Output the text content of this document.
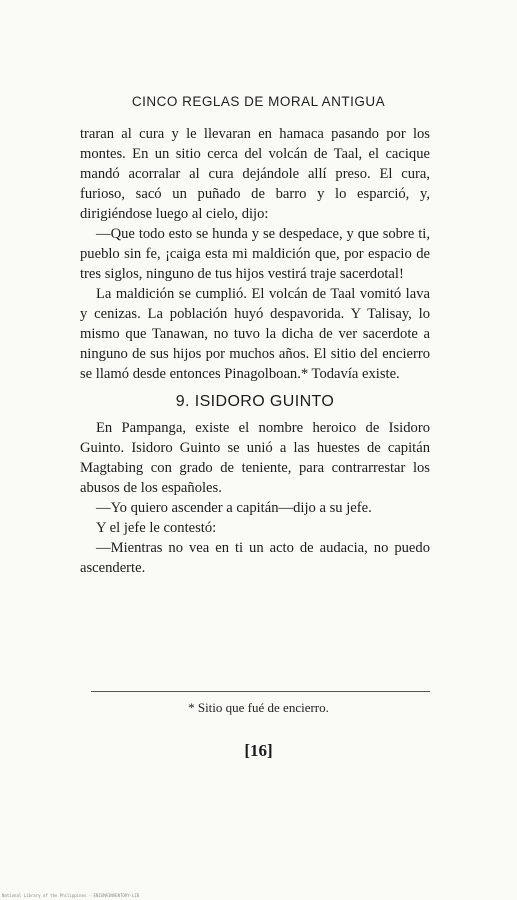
CINCO REGLAS DE MORAL ANTIGUA

traran al cura y le llevaran en hamaca pasando por los montes. En un sitio cerca del volcán de Taal, el cacique mandó acorralar al cura dejándole allí preso. El cura, furioso, sacó un puñado de barro y lo esparció, y, dirigiéndose luego al cielo, dijo:

—Que todo esto se hunda y se despedace, y que sobre ti, pueblo sin fe, ¡caiga esta mi maldición que, por espacio de tres siglos, ninguno de tus hijos vestirá traje sacerdotal!

La maldición se cumplió. El volcán de Taal vomitó lava y cenizas. La población huyó despavorida. Y Talisay, lo mismo que Tanawan, no tuvo la dicha de ver sacerdote a ninguno de sus hijos por muchos años. El sitio del encierro se llamó desde entonces Pinagolboan.* Todavía existe.

9. ISIDORO GUINTO

En Pampanga, existe el nombre heroico de Isidoro Guinto. Isidoro Guinto se unió a las huestes de capitán Magtabing con grado de teniente, para contrarrestar los abusos de los españoles.

—Yo quiero ascender a capitán—dijo a su jefe.

Y el jefe le contestó:

—Mientras no vea en ti un acto de audacia, no puedo ascenderte.

* Sitio que fué de encierro.
[16]
National Library of the Philippines · ENIGMAINVENTORY·LIB
